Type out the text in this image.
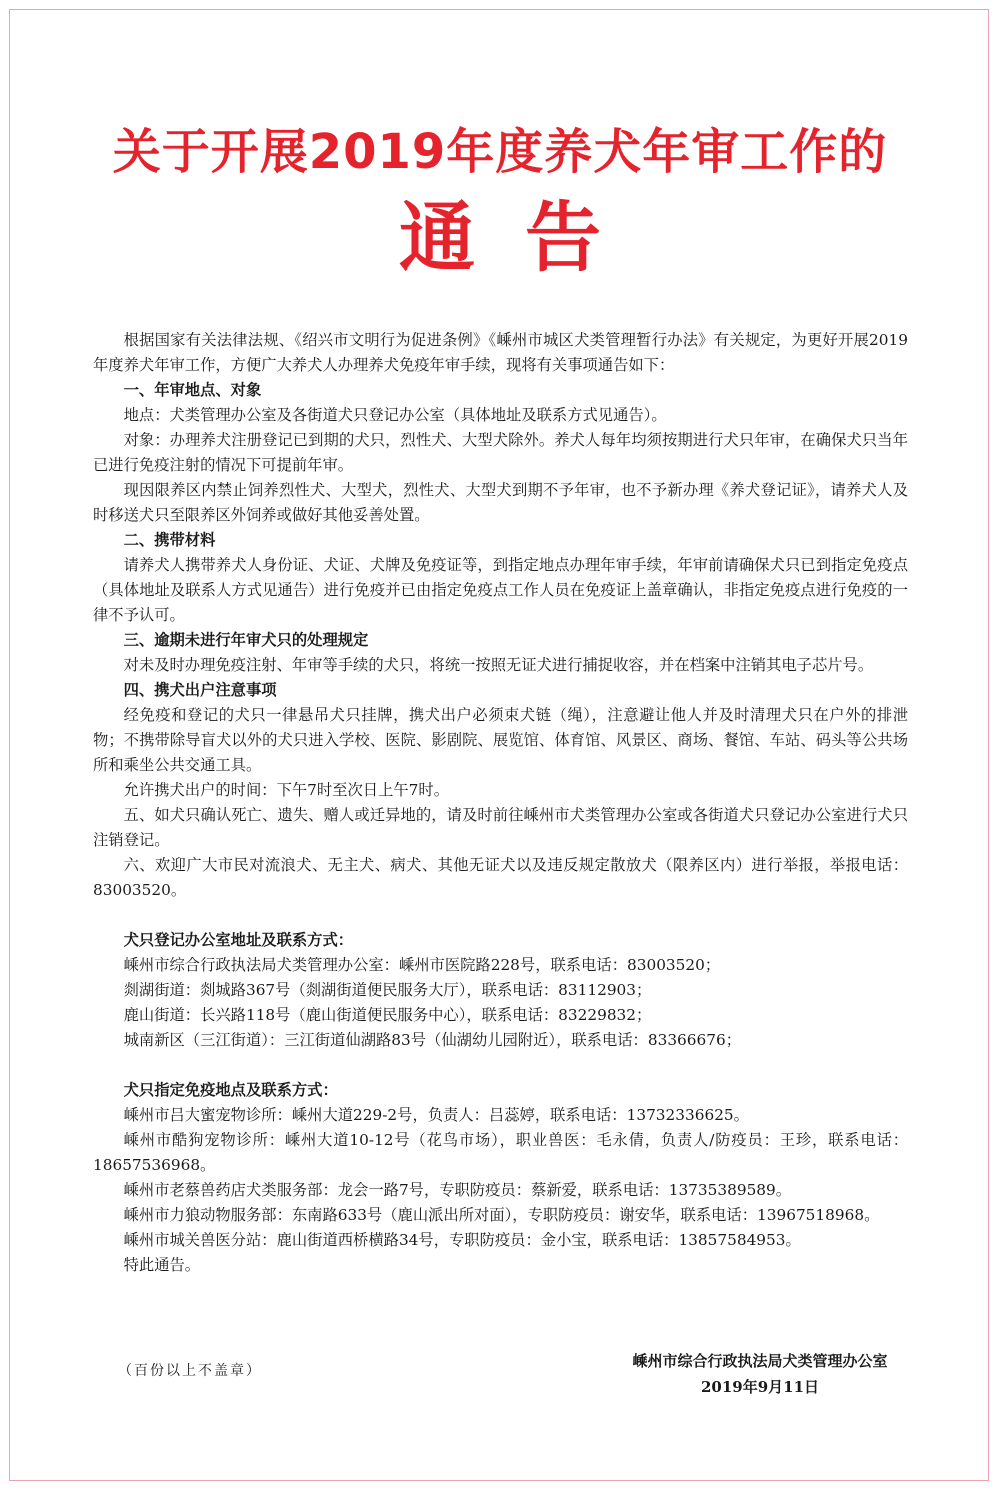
关于开展2019年度养犬年审工作的
通告

根据国家有关法律法规、《绍兴市文明行为促进条例》《嵊州市城区犬类管理暂行办法》有关规定，为更好开展2019年度养犬年审工作，方便广大养犬人办理养犬免疫年审手续，现将有关事项通告如下：

一、年审地点、对象

地点：犬类管理办公室及各街道犬只登记办公室（具体地址及联系方式见通告）。

对象：办理养犬注册登记已到期的犬只，烈性犬、大型犬除外。养犬人每年均须按期进行犬只年审，在确保犬只当年已进行免疫注射的情况下可提前年审。

现因限养区内禁止饲养烈性犬、大型犬，烈性犬、大型犬到期不予年审，也不予新办理《养犬登记证》，请养犬人及时移送犬只至限养区外饲养或做好其他妥善处置。

二、携带材料

请养犬人携带养犬人身份证、犬证、犬牌及免疫证等，到指定地点办理年审手续，年审前请确保犬只已到指定免疫点（具体地址及联系人方式见通告）进行免疫并已由指定免疫点工作人员在免疫证上盖章确认，非指定免疫点进行免疫的一律不予认可。

三、逾期未进行年审犬只的处理规定

对未及时办理免疫注射、年审等手续的犬只，将统一按照无证犬进行捕捉收容，并在档案中注销其电子芯片号。

四、携犬出户注意事项

经免疫和登记的犬只一律悬吊犬只挂牌，携犬出户必须束犬链（绳），注意避让他人并及时清理犬只在户外的排泄物；不携带除导盲犬以外的犬只进入学校、医院、影剧院、展览馆、体育馆、风景区、商场、餐馆、车站、码头等公共场所和乘坐公共交通工具。

允许携犬出户的时间：下午7时至次日上午7时。

五、如犬只确认死亡、遗失、赠人或迁异地的，请及时前往嵊州市犬类管理办公室或各街道犬只登记办公室进行犬只注销登记。

六、欢迎广大市民对流浪犬、无主犬、病犬、其他无证犬以及违反规定散放犬（限养区内）进行举报，举报电话：83003520。

犬只登记办公室地址及联系方式：

嵊州市综合行政执法局犬类管理办公室：嵊州市医院路228号，联系电话：83003520；

剡湖街道：剡城路367号（剡湖街道便民服务大厅），联系电话：83112903；

鹿山街道：长兴路118号（鹿山街道便民服务中心），联系电话：83229832；

城南新区（三江街道）：三江街道仙湖路83号（仙湖幼儿园附近），联系电话：83366676；

犬只指定免疫地点及联系方式：

嵊州市吕大蜜宠物诊所：嵊州大道229-2号，负责人：吕蕊婷，联系电话：13732336625。

嵊州市酷狗宠物诊所：嵊州大道10-12号（花鸟市场），职业兽医：毛永倩，负责人/防疫员：王珍，联系电话：18657536968。

嵊州市老蔡兽药店犬类服务部：龙会一路7号，专职防疫员：蔡新爱，联系电话：13735389589。

嵊州市力狼动物服务部：东南路633号（鹿山派出所对面），专职防疫员：谢安华，联系电话：13967518968。

嵊州市城关兽医分站：鹿山街道西桥横路34号，专职防疫员：金小宝，联系电话：13857584953。

特此通告。

（百份以上不盖章）
嵊州市综合行政执法局犬类管理办公室
2019年9月11日
